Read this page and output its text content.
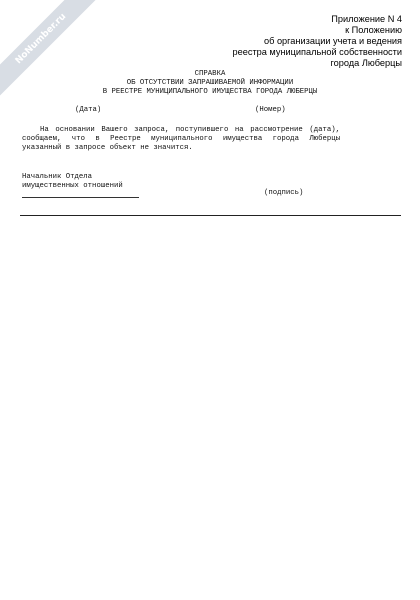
NoNumber.ru	Приложение N 4
к Положению
об организации учета и ведения
реестра муниципальной собственности
города Люберцы
СПРАВКА
ОБ ОТСУТСТВИИ ЗАПРАШИВАЕМОЙ ИНФОРМАЦИИ
В РЕЕСТРЕ МУНИЦИПАЛЬНОГО ИМУЩЕСТВА ГОРОДА ЛЮБЕРЦЫ
(Дата)	(Номер)

На основании Вашего запроса, поступившего на рассмотрение (дата), сообщаем, что в Реестре муниципального имущества города Люберцы указанный в запросе объект не значится.

Начальник Отдела
имущественных отношений
(подпись)
